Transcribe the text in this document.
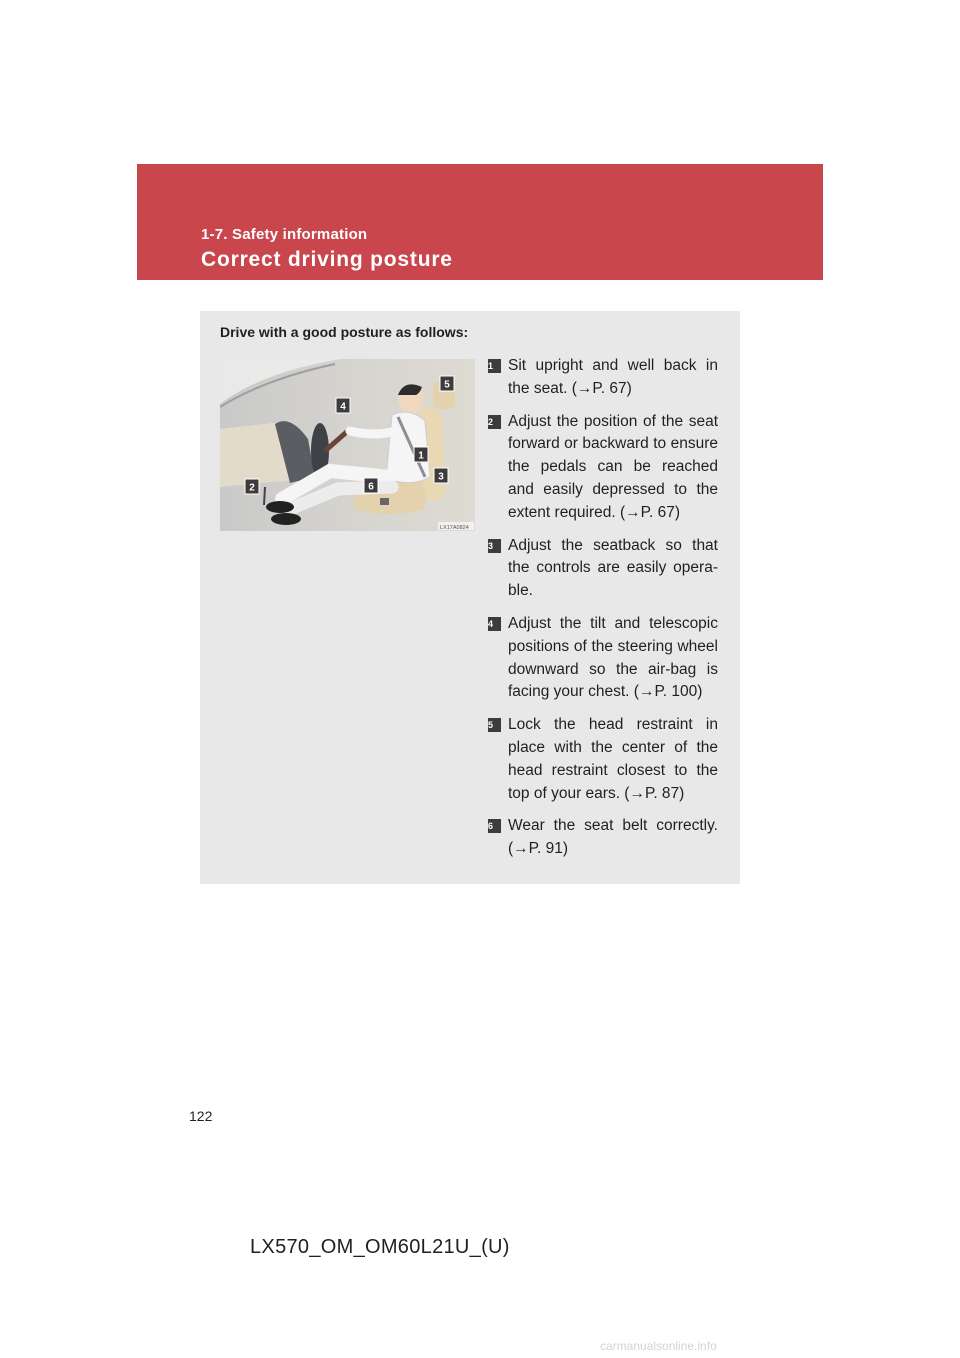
1-7. Safety information
Correct driving posture
Drive with a good posture as follows:
LX17A0824
5
4
1
3
6
2
1 Sit upright and well back in the seat. (→P. 67)
2 Adjust the position of the seat forward or backward to ensure the pedals can be reached and easily depressed to the extent required. (→P. 67)
3 Adjust the seatback so that the controls are easily opera-ble.
4 Adjust the tilt and telescopic positions of the steering wheel downward so the air-bag is facing your chest. (→P. 100)
5 Lock the head restraint in place with the center of the head restraint closest to the top of your ears. (→P. 87)
6 Wear the seat belt correctly. (→P. 91)
122
LX570_OM_OM60L21U_(U)
carmanualsonline.info
